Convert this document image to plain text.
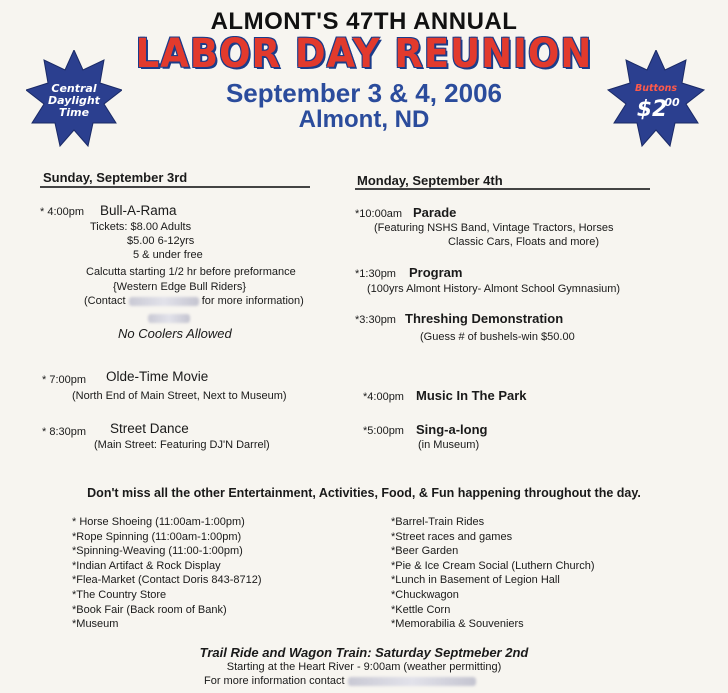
ALMONT'S 47TH ANNUAL
LABOR DAY REUNION
September 3 & 4, 2006
Almont, ND
Central
Daylight
Time
Buttons
$2
00
Sunday, September 3rd	Monday, September 4th
* 4:00pm Bull-A-Rama
Tickets: $8.00 Adults
$5.00 6-12yrs
5 & under free
Calcutta starting 1/2 hr before preformance
{Western Edge Bull Riders}
(Contact	for more information)
No Coolers Allowed
* 7:00pm Olde-Time Movie
(North End of Main Street, Next to Museum)
* 8:30pm Street Dance
(Main Street: Featuring DJ'N Darrel)
*10:00am Parade
(Featuring NSHS Band, Vintage Tractors, Horses
Classic Cars, Floats and more)
*1:30pm Program
(100yrs Almont History- Almont School Gymnasium)
*3:30pm Threshing Demonstration
(Guess # of bushels-win $50.00
*4:00pm Music In The Park
*5:00pm Sing-a-long
(in Museum)
Don't miss all the other Entertainment, Activities, Food, & Fun happening throughout the day.
* Horse Shoeing (11:00am-1:00pm)
*Rope Spinning (11:00am-1:00pm)
*Spinning-Weaving (11:00-1:00pm)
*Indian Artifact & Rock Display
*Flea-Market (Contact Doris 843-8712)
*The Country Store
*Book Fair (Back room of Bank)
*Museum
*Barrel-Train Rides
*Street races and games
*Beer Garden
*Pie & Ice Cream Social (Luthern Church)
*Lunch in Basement of Legion Hall
*Chuckwagon
*Kettle Corn
*Memorabilia & Souveniers
Trail Ride and Wagon Train: Saturday Septmeber 2nd
Starting at the Heart River - 9:00am (weather permitting)
For more information contact
